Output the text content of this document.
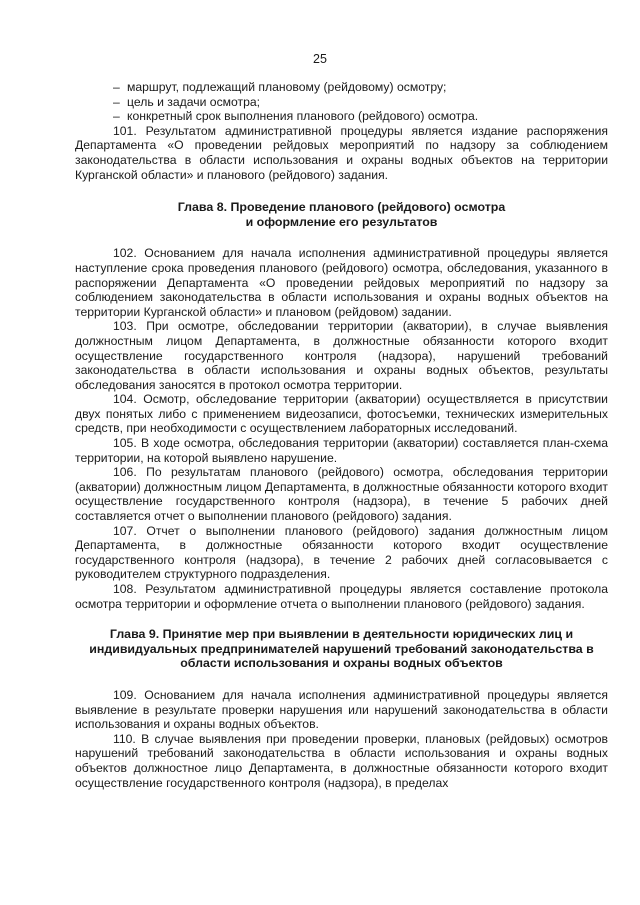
25

– маршрут, подлежащий плановому (рейдовому) осмотру;

– цель и задачи осмотра;

– конкретный срок выполнения планового (рейдового) осмотра.

101. Результатом административной процедуры является издание распоряжения Департамента «О проведении рейдовых мероприятий по надзору за соблюдением законодательства в области использования и охраны водных объектов на территории Курганской области» и планового (рейдового) задания.

Глава 8. Проведение планового (рейдового) осмотра
и оформление его результатов

102. Основанием для начала исполнения административной процедуры является наступление срока проведения планового (рейдового) осмотра, обследования, указанного в распоряжении Департамента «О проведении рейдовых мероприятий по надзору за соблюдением законодательства в области использования и охраны водных объектов на территории Курганской области» и плановом (рейдовом) задании.

103. При осмотре, обследовании территории (акватории), в случае выявления должностным лицом Департамента, в должностные обязанности которого входит осуществление государственного контроля (надзора), нарушений требований законодательства в области использования и охраны водных объектов, результаты обследования заносятся в протокол осмотра территории.

104. Осмотр, обследование территории (акватории) осуществляется в присутствии двух понятых либо с применением видеозаписи, фотосъемки, технических измерительных средств, при необходимости с осуществлением лабораторных исследований.

105. В ходе осмотра, обследования территории (акватории) составляется план-схема территории, на которой выявлено нарушение.

106. По результатам планового (рейдового) осмотра, обследования территории (акватории) должностным лицом Департамента, в должностные обязанности которого входит осуществление государственного контроля (надзора), в течение 5 рабочих дней составляется отчет о выполнении планового (рейдового) задания.

107. Отчет о выполнении планового (рейдового) задания должностным лицом Департамента, в должностные обязанности которого входит осуществление государственного контроля (надзора), в течение 2 рабочих дней согласовывается с руководителем структурного подразделения.

108. Результатом административной процедуры является составление протокола осмотра территории и оформление отчета о выполнении планового (рейдового) задания.

Глава 9. Принятие мер при выявлении в деятельности юридических лиц и
индивидуальных предпринимателей нарушений требований законодательства в
области использования и охраны водных объектов

109. Основанием для начала исполнения административной процедуры является выявление в результате проверки нарушения или нарушений законодательства в области использования и охраны водных объектов.

110. В случае выявления при проведении проверки, плановых (рейдовых) осмотров нарушений требований законодательства в области использования и охраны водных объектов должностное лицо Департамента, в должностные обязанности которого входит осуществление государственного контроля (надзора), в пределах
